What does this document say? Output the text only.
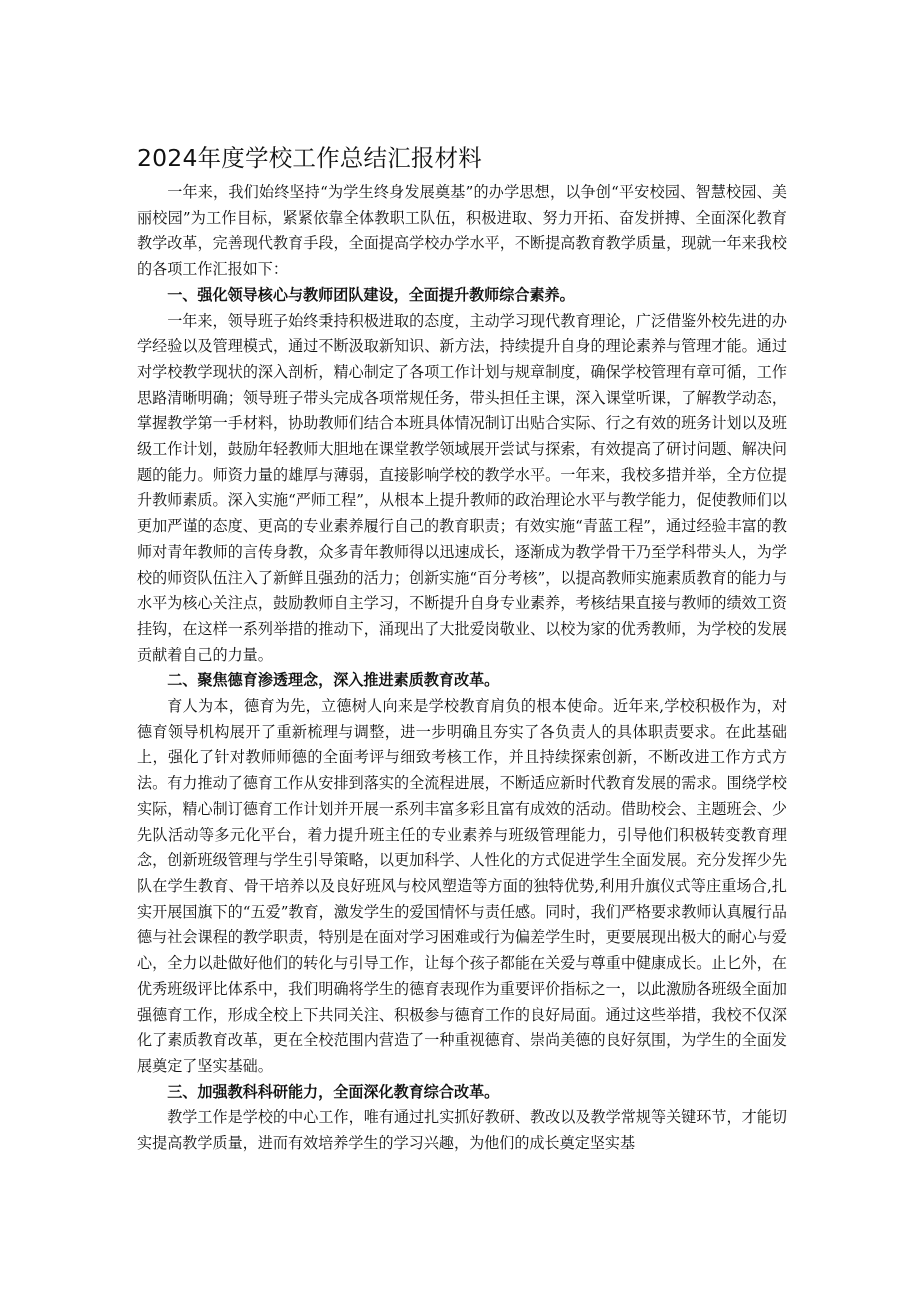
2024年度学校工作总结汇报材料

一年来，我们始终坚持“为学生终身发展奠基”的办学思想，以争创“平安校园、智慧校园、美丽校园”为工作目标，紧紧依靠全体教职工队伍，积极进取、努力开拓、奋发拼搏、全面深化教育教学改革，完善现代教育手段，全面提高学校办学水平，不断提高教育教学质量，现就一年来我校的各项工作汇报如下：

一、强化领导核心与教师团队建设，全面提升教师综合素养。

一年来，领导班子始终秉持积极进取的态度，主动学习现代教育理论，广泛借鉴外校先进的办学经验以及管理模式，通过不断汲取新知识、新方法，持续提升自身的理论素养与管理才能。通过对学校教学现状的深入剖析，精心制定了各项工作计划与规章制度，确保学校管理有章可循，工作思路清晰明确；领导班子带头完成各项常规任务，带头担任主课，深入课堂听课，了解教学动态，掌握教学第一手材料，协助教师们结合本班具体情况制订出贴合实际、行之有效的班务计划以及班级工作计划，鼓励年轻教师大胆地在课堂教学领域展开尝试与探索，有效提高了研讨问题、解决问题的能力。师资力量的雄厚与薄弱，直接影响学校的教学水平。一年来，我校多措并举，全方位提升教师素质。深入实施“严师工程”，从根本上提升教师的政治理论水平与教学能力，促使教师们以更加严谨的态度、更高的专业素养履行自己的教育职责；有效实施“青蓝工程”，通过经验丰富的教师对青年教师的言传身教，众多青年教师得以迅速成长，逐渐成为教学骨干乃至学科带头人，为学校的师资队伍注入了新鲜且强劲的活力；创新实施“百分考核”，以提高教师实施素质教育的能力与水平为核心关注点，鼓励教师自主学习，不断提升自身专业素养，考核结果直接与教师的绩效工资挂钩，在这样一系列举措的推动下，涌现出了大批爱岗敬业、以校为家的优秀教师，为学校的发展贡献着自己的力量。

二、聚焦德育渗透理念，深入推进素质教育改革。

育人为本，德育为先，立德树人向来是学校教育肩负的根本使命。近年来,学校积极作为，对德育领导机构展开了重新梳理与调整，进一步明确且夯实了各负责人的具体职责要求。在此基础上，强化了针对教师师德的全面考评与细致考核工作，并且持续探索创新，不断改进工作方式方法。有力推动了德育工作从安排到落实的全流程进展，不断适应新时代教育发展的需求。围绕学校实际，精心制订德育工作计划并开展一系列丰富多彩且富有成效的活动。借助校会、主题班会、少先队活动等多元化平台，着力提升班主任的专业素养与班级管理能力，引导他们积极转变教育理念，创新班级管理与学生引导策略，以更加科学、人性化的方式促进学生全面发展。充分发挥少先队在学生教育、骨干培养以及良好班风与校风塑造等方面的独特优势,利用升旗仪式等庄重场合,扎实开展国旗下的“五爱”教育，激发学生的爱国情怀与责任感。同时，我们严格要求教师认真履行品德与社会课程的教学职责，特别是在面对学习困难或行为偏差学生时，更要展现出极大的耐心与爱心，全力以赴做好他们的转化与引导工作，让每个孩子都能在关爱与尊重中健康成长。止匕外，在优秀班级评比体系中，我们明确将学生的德育表现作为重要评价指标之一，以此激励各班级全面加强德育工作，形成全校上下共同关注、积极参与德育工作的良好局面。通过这些举措，我校不仅深化了素质教育改革，更在全校范围内营造了一种重视德育、崇尚美德的良好氛围，为学生的全面发展奠定了坚实基础。

三、加强教科科研能力，全面深化教育综合改革。

教学工作是学校的中心工作，唯有通过扎实抓好教研、教改以及教学常规等关键环节，才能切实提高教学质量，进而有效培养学生的学习兴趣，为他们的成长奠定坚实基
